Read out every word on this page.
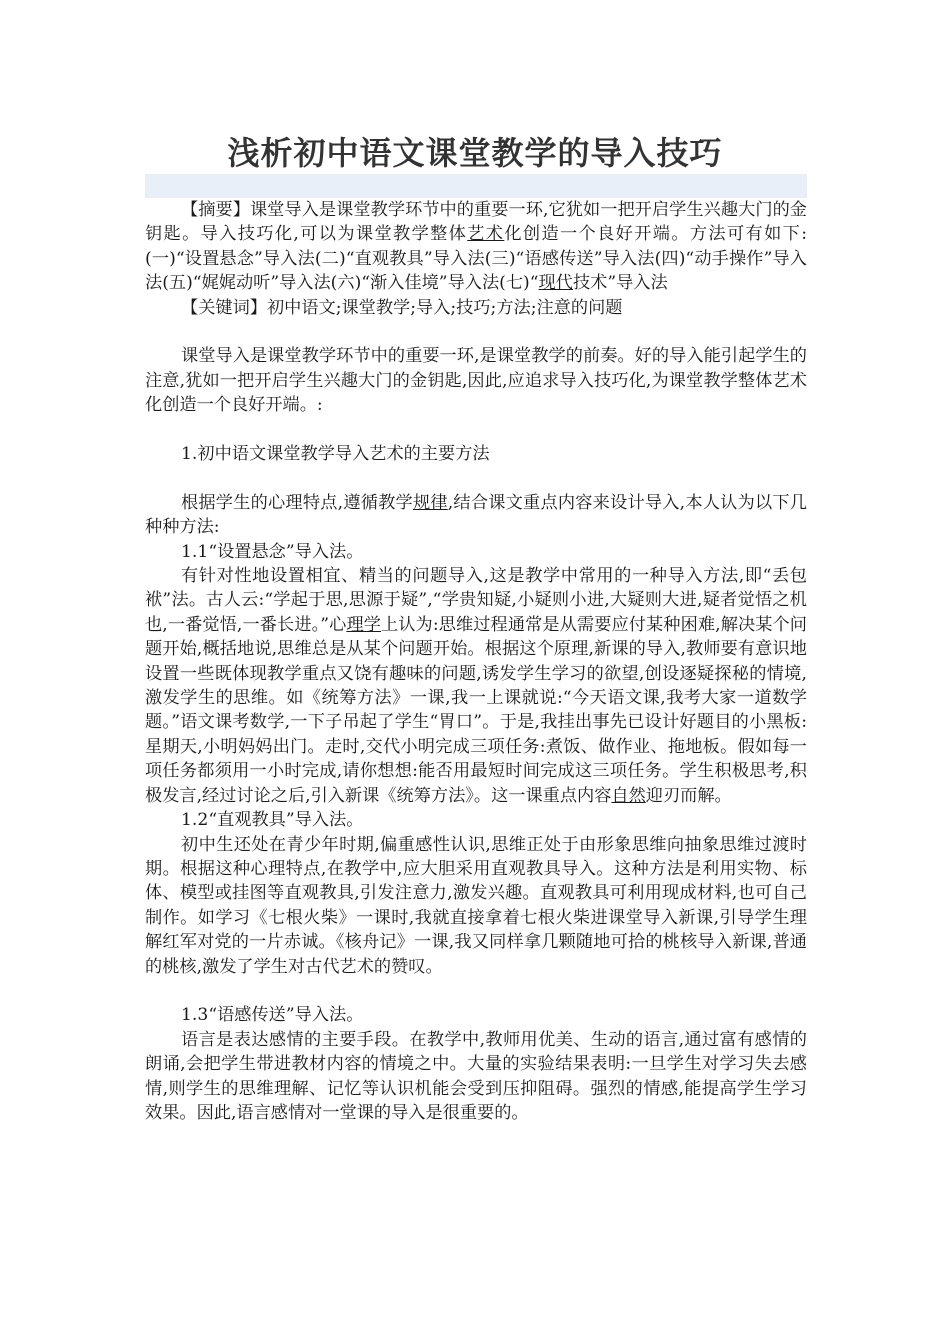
浅析初中语文课堂教学的导入技巧

【摘要】课堂导入是课堂教学环节中的重要一环,它犹如一把开启学生兴趣大门的金钥匙。导入技巧化,可以为课堂教学整体艺术化创造一个良好开端。方法可有如下:(一)“设置悬念”导入法(二)“直观教具”导入法(三)“语感传送”导入法(四)“动手操作”导入法(五)“娓娓动听”导入法(六)“渐入佳境”导入法(七)“现代技术”导入法

【关键词】初中语文;课堂教学;导入;技巧;方法;注意的问题

课堂导入是课堂教学环节中的重要一环,是课堂教学的前奏。好的导入能引起学生的注意,犹如一把开启学生兴趣大门的金钥匙,因此,应追求导入技巧化,为课堂教学整体艺术化创造一个良好开端。:

1.初中语文课堂教学导入艺术的主要方法

根据学生的心理特点,遵循教学规律,结合课文重点内容来设计导入,本人认为以下几种种方法:

1.1“设置悬念”导入法。

有针对性地设置相宜、精当的问题导入,这是教学中常用的一种导入方法,即“丢包袱”法。古人云:“学起于思,思源于疑”,“学贵知疑,小疑则小进,大疑则大进,疑者觉悟之机也,一番觉悟,一番长进。”心理学上认为:思维过程通常是从需要应付某种困难,解决某个问题开始,概括地说,思维总是从某个问题开始。根据这个原理,新课的导入,教师要有意识地设置一些既体现教学重点又饶有趣味的问题,诱发学生学习的欲望,创设逐疑探秘的情境,激发学生的思维。如《统筹方法》一课,我一上课就说:“今天语文课,我考大家一道数学题。”语文课考数学,一下子吊起了学生“胃口”。于是,我挂出事先已设计好题目的小黑板:星期天,小明妈妈出门。走时,交代小明完成三项任务:煮饭、做作业、拖地板。假如每一项任务都须用一小时完成,请你想想:能否用最短时间完成这三项任务。学生积极思考,积极发言,经过讨论之后,引入新课《统筹方法》。这一课重点内容自然迎刃而解。

1.2“直观教具”导入法。

初中生还处在青少年时期,偏重感性认识,思维正处于由形象思维向抽象思维过渡时期。根据这种心理特点,在教学中,应大胆采用直观教具导入。这种方法是利用实物、标体、模型或挂图等直观教具,引发注意力,激发兴趣。直观教具可利用现成材料,也可自己制作。如学习《七根火柴》一课时,我就直接拿着七根火柴进课堂导入新课,引导学生理解红军对党的一片赤诚。《核舟记》一课,我又同样拿几颗随地可拾的桃核导入新课,普通的桃核,激发了学生对古代艺术的赞叹。

1.3“语感传送”导入法。

语言是表达感情的主要手段。在教学中,教师用优美、生动的语言,通过富有感情的朗诵,会把学生带进教材内容的情境之中。大量的实验结果表明:一旦学生对学习失去感情,则学生的思维理解、记忆等认识机能会受到压抑阻碍。强烈的情感,能提高学生学习效果。因此,语言感情对一堂课的导入是很重要的。
